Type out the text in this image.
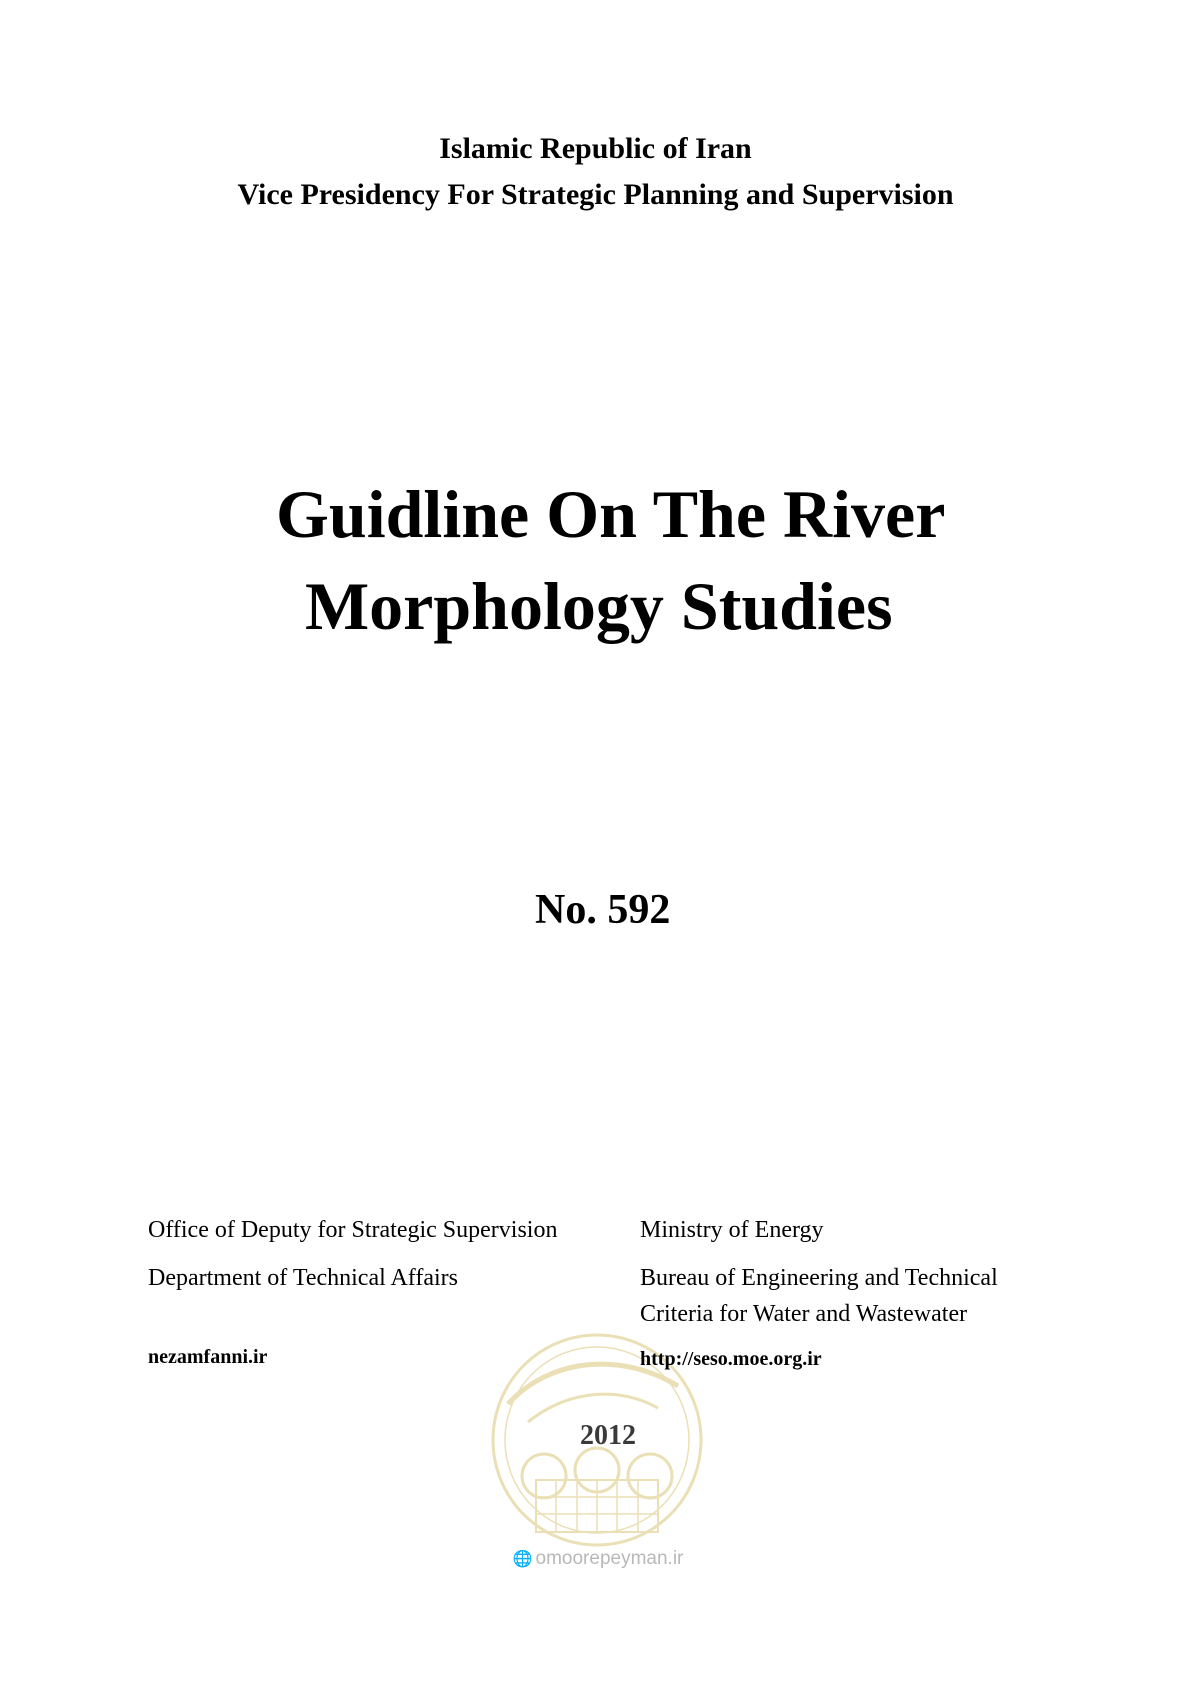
Islamic Republic of Iran
Vice Presidency For Strategic Planning and Supervision
Guidline On The River
Morphology Studies
No. 592
Office of Deputy for Strategic Supervision
Department of Technical Affairs
nezamfanni.ir
Ministry of Energy
Bureau of Engineering and Technical
Criteria for Water and Wastewater
http://seso.moe.org.ir
2012
🌐 omoorepeyman.ir
